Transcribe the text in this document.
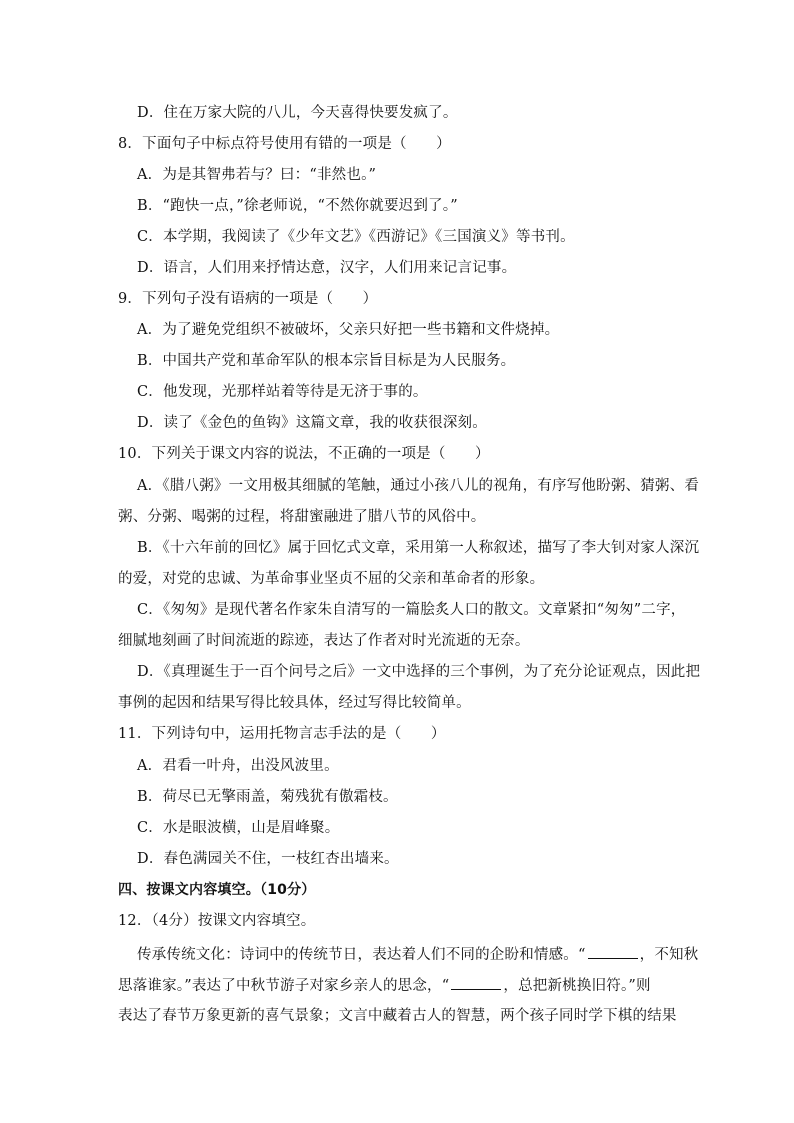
D．住在万家大院的八儿，今天喜得快要发疯了。
8．下面句子中标点符号使用有错的一项是（　　）
A．为是其智弗若与？曰：“非然也。”
B．“跑快一点，”徐老师说，“不然你就要迟到了。”
C．本学期，我阅读了《少年文艺》《西游记》《三国演义》等书刊。
D．语言，人们用来抒情达意，汉字，人们用来记言记事。
9．下列句子没有语病的一项是（　　）
A．为了避免党组织不被破坏，父亲只好把一些书籍和文件烧掉。
B．中国共产党和革命军队的根本宗旨目标是为人民服务。
C．他发现，光那样站着等待是无济于事的。
D．读了《金色的鱼钩》这篇文章，我的收获很深刻。
10．下列关于课文内容的说法，不正确的一项是（　　）
A．《腊八粥》一文用极其细腻的笔触，通过小孩八儿的视角，有序写他盼粥、猜粥、看
粥、分粥、喝粥的过程，将甜蜜融进了腊八节的风俗中。
B．《十六年前的回忆》属于回忆式文章，采用第一人称叙述，描写了李大钊对家人深沉
的爱，对党的忠诚、为革命事业坚贞不屈的父亲和革命者的形象。
C．《匆匆》是现代著名作家朱自清写的一篇脍炙人口的散文。文章紧扣“匆匆”二字，
细腻地刻画了时间流逝的踪迹，表达了作者对时光流逝的无奈。
D．《真理诞生于一百个问号之后》一文中选择的三个事例，为了充分论证观点，因此把
事例的起因和结果写得比较具体，经过写得比较简单。
11．下列诗句中，运用托物言志手法的是（　　）
A．君看一叶舟，出没风波里。
B．荷尽已无擎雨盖，菊残犹有傲霜枝。
C．水是眼波横，山是眉峰聚。
D．春色满园关不住，一枝红杏出墙来。
四、按课文内容填空。（10分）
12．（4分）按课文内容填空。
传承传统文化：诗词中的传统节日，表达着人们不同的企盼和情感。“	，不知秋
思落谁家。”表达了中秋节游子对家乡亲人的思念，“	，总把新桃换旧符。”则
表达了春节万象更新的喜气景象；文言中藏着古人的智慧，两个孩子同时学下棋的结果
